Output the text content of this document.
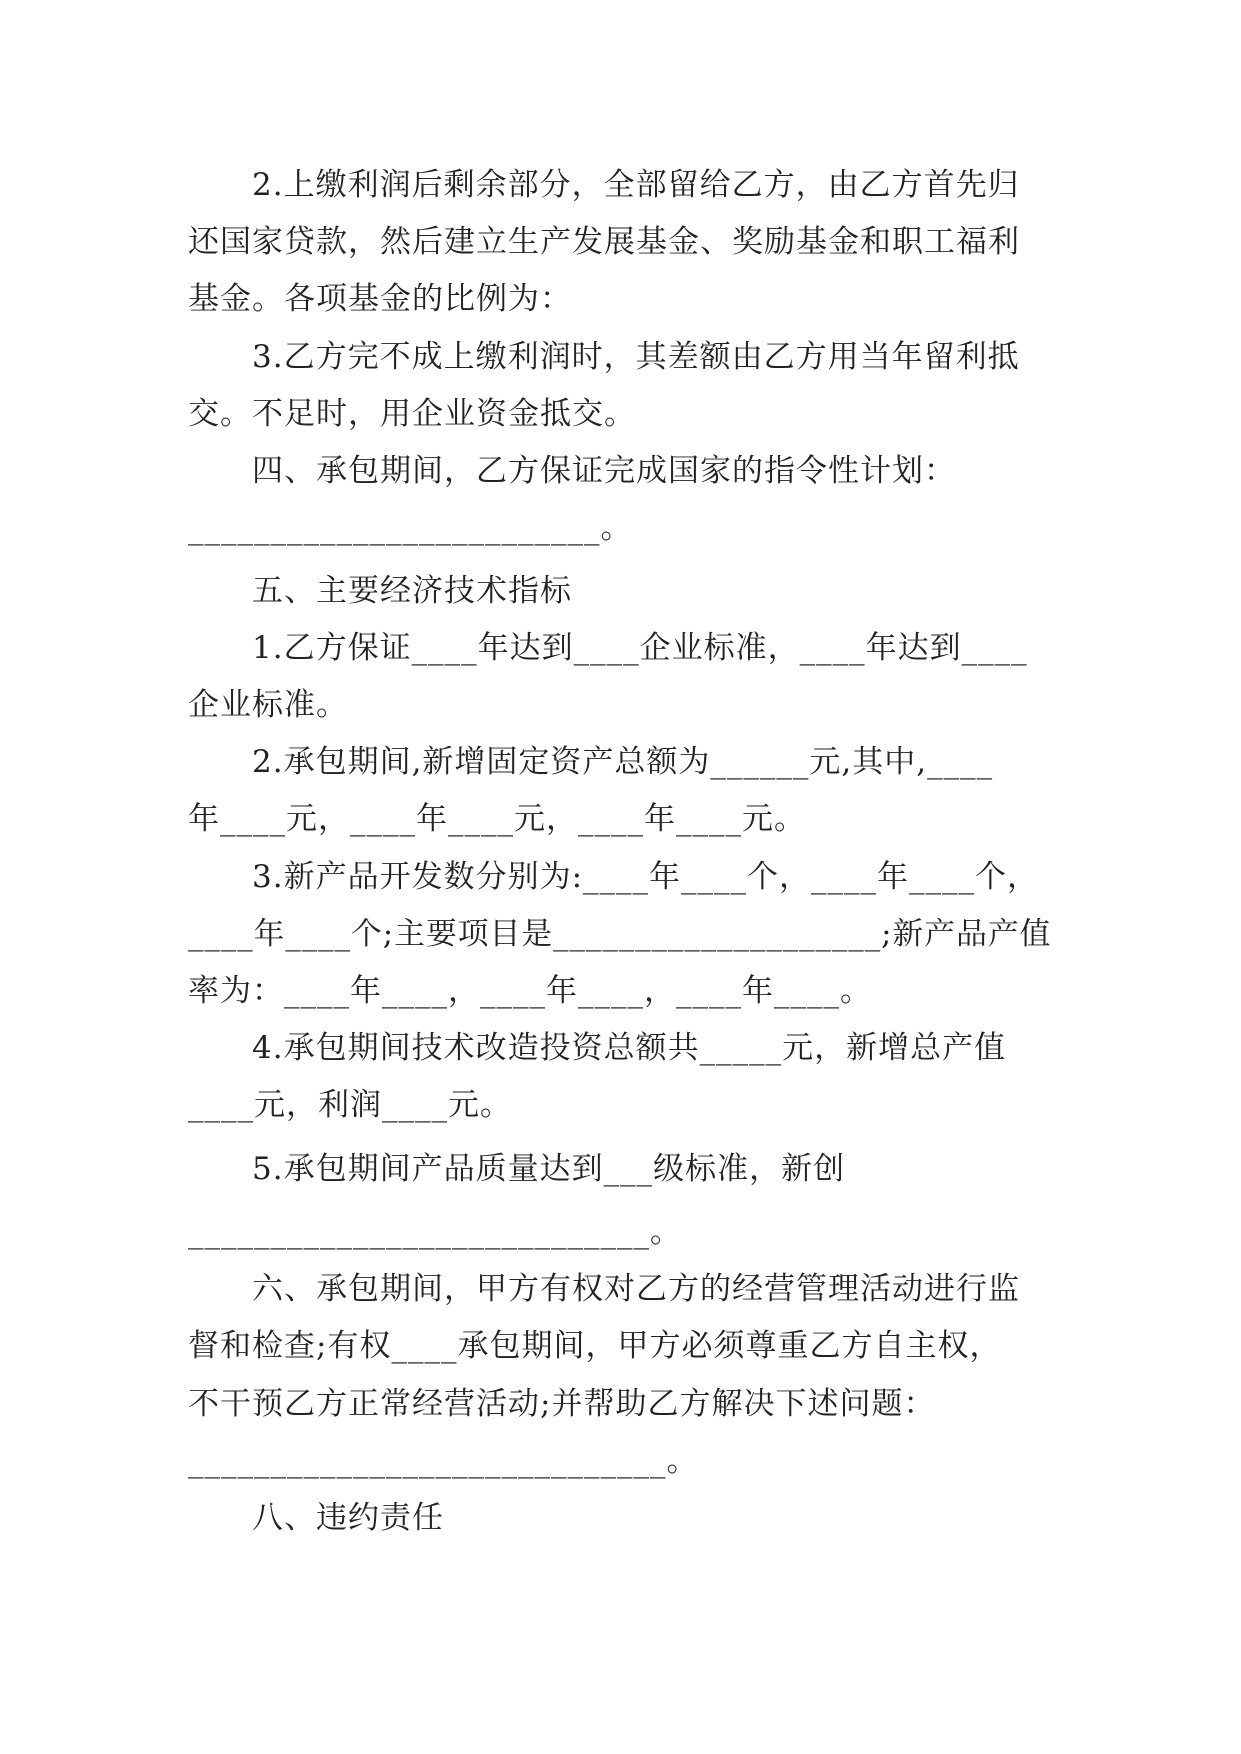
　　2.上缴利润后剩余部分，全部留给乙方，由乙方首先归
还国家贷款，然后建立生产发展基金、奖励基金和职工福利
基金。各项基金的比例为：
　　3.乙方完不成上缴利润时，其差额由乙方用当年留利抵
交。不足时，用企业资金抵交。
　　四、承包期间，乙方保证完成国家的指令性计划：
_________________________。
　　五、主要经济技术指标
　　1.乙方保证____年达到____企业标准，____年达到____
企业标准。
　　2.承包期间,新增固定资产总额为______元,其中,____
年____元，____年____元，____年____元。
　　3.新产品开发数分别为:____年____个，____年____个，
____年____个;主要项目是____________________;新产品产值
率为：____年____，____年____，____年____。
　　4.承包期间技术改造投资总额共_____元，新增总产值
____元，利润____元。
　　5.承包期间产品质量达到___级标准，新创
____________________________。
　　六、承包期间，甲方有权对乙方的经营管理活动进行监
督和检查;有权____承包期间，甲方必须尊重乙方自主权，
不干预乙方正常经营活动;并帮助乙方解决下述问题：
_____________________________。
　　八、违约责任
